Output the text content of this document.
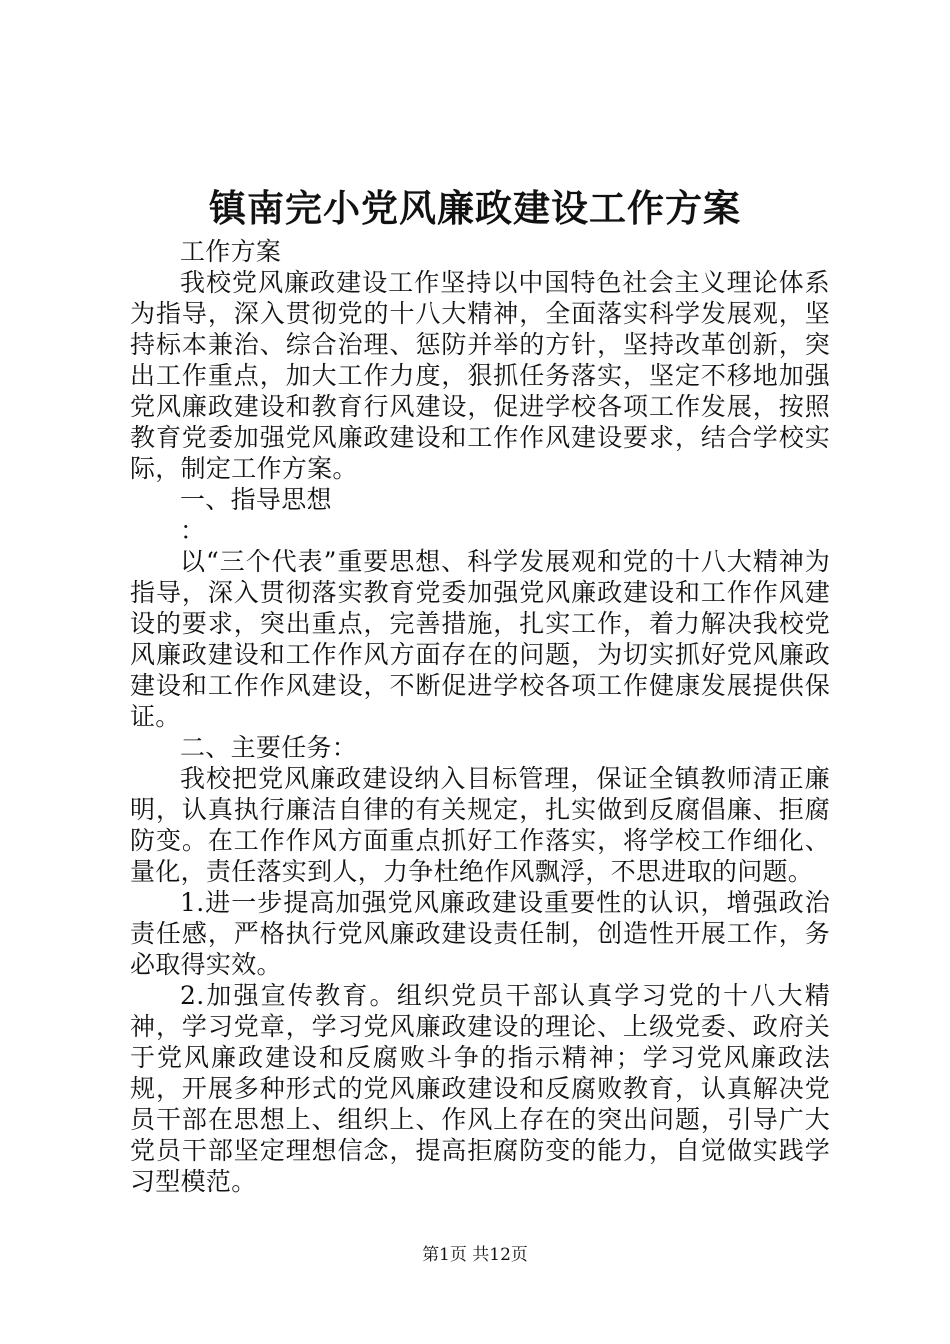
镇南完小党风廉政建设工作方案

工作方案

我校党风廉政建设工作坚持以中国特色社会主义理论体系为指导，深入贯彻党的十八大精神，全面落实科学发展观，坚持标本兼治、综合治理、惩防并举的方针，坚持改革创新，突出工作重点，加大工作力度，狠抓任务落实，坚定不移地加强党风廉政建设和教育行风建设，促进学校各项工作发展，按照教育党委加强党风廉政建设和工作作风建设要求，结合学校实际，制定工作方案。

一、指导思想

：

以“三个代表”重要思想、科学发展观和党的十八大精神为指导，深入贯彻落实教育党委加强党风廉政建设和工作作风建设的要求，突出重点，完善措施，扎实工作，着力解决我校党风廉政建设和工作作风方面存在的问题，为切实抓好党风廉政建设和工作作风建设，不断促进学校各项工作健康发展提供保证。

二、主要任务：

我校把党风廉政建设纳入目标管理，保证全镇教师清正廉明，认真执行廉洁自律的有关规定，扎实做到反腐倡廉、拒腐防变。在工作作风方面重点抓好工作落实，将学校工作细化、量化，责任落实到人，力争杜绝作风飘浮，不思进取的问题。

1.进一步提高加强党风廉政建设重要性的认识，增强政治责任感，严格执行党风廉政建设责任制，创造性开展工作，务必取得实效。

2.加强宣传教育。组织党员干部认真学习党的十八大精神，学习党章，学习党风廉政建设的理论、上级党委、政府关于党风廉政建设和反腐败斗争的指示精神；学习党风廉政法规，开展多种形式的党风廉政建设和反腐败教育，认真解决党员干部在思想上、组织上、作风上存在的突出问题，引导广大党员干部坚定理想信念，提高拒腐防变的能力，自觉做实践学习型模范。

第1页 共12页
